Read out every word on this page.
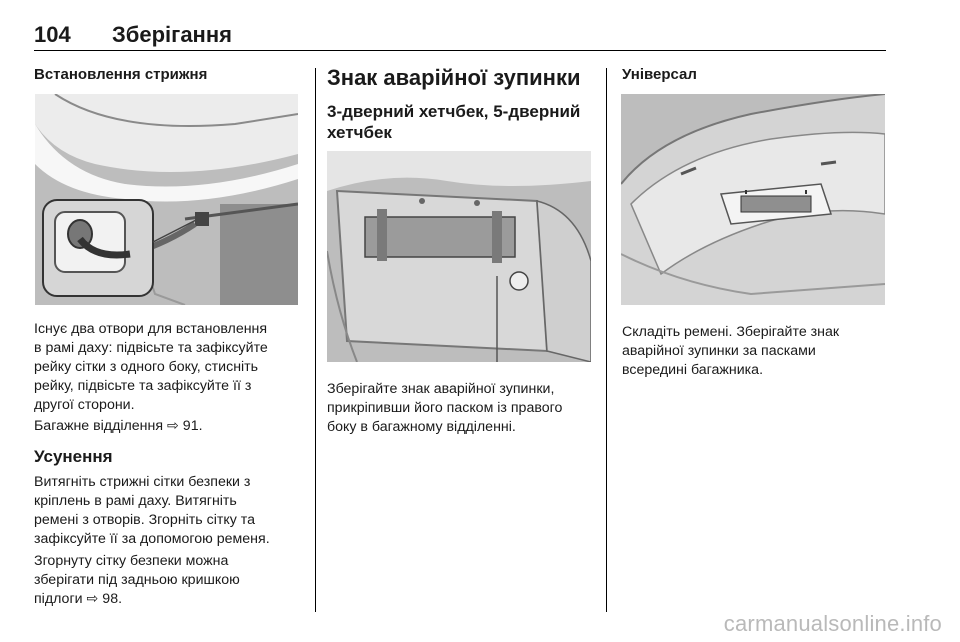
104 Зберігання
Встановлення стрижня
Існує два отвори для встановлення
в рамі даху: підвісьте та зафіксуйте
рейку сітки з одного боку, стисніть
рейку, підвісьте та зафіксуйте її з
другої сторони.
Багажне відділення ⇨ 91.
Усунення
Витягніть стрижні сітки безпеки з
кріплень в рамі даху. Витягніть
ремені з отворів. Згорніть сітку та
зафіксуйте її за допомогою ременя.
Згорнуту сітку безпеки можна
зберігати під задньою кришкою
підлоги ⇨ 98.
Знак аварійної зупинки
3-дверний хетчбек, 5-дверний
хетчбек
Зберігайте знак аварійної зупинки,
прикріпивши його паском із правого
боку в багажному відділенні.
Універсал
Складіть ремені. Зберігайте знак
аварійної зупинки за пасками
всередині багажника.
carmanualsonline.info
